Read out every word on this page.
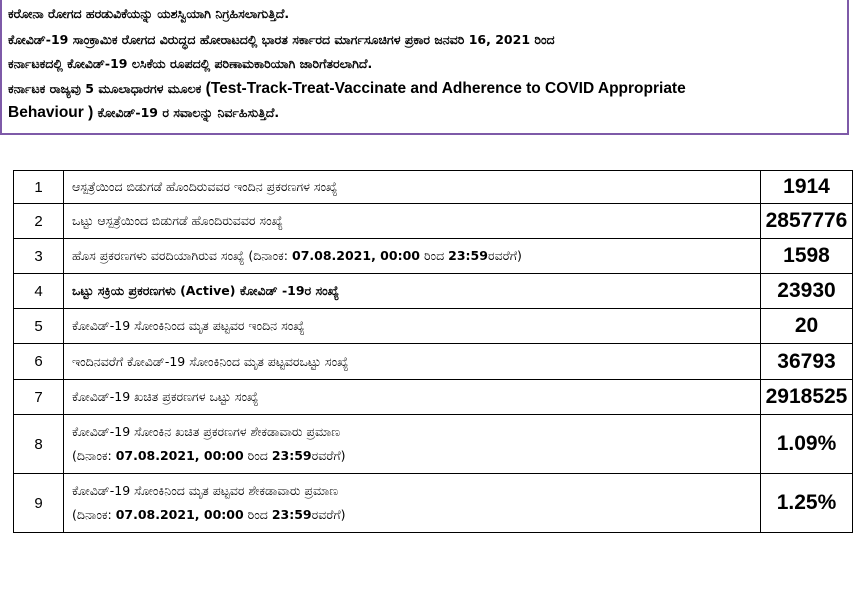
ಕರೋನಾ ರೋಗದ ಹರಡುವಿಕೆಯನ್ನು ಯಶಸ್ವಿಯಾಗಿ ನಿಗ್ರಹಿಸಲಾಗುತ್ತಿದೆ.
ಕೋವಿಡ್-19 ಸಾಂಕ್ರಾಮಿಕ ರೋಗದ ವಿರುದ್ಧದ ಹೋರಾಟದಲ್ಲಿ ಭಾರತ ಸರ್ಕಾರದ ಮಾರ್ಗಸೂಚಿಗಳ ಪ್ರಕಾರ ಜನವರಿ 16, 2021 ರಿಂದ
ಕರ್ನಾಟಕದಲ್ಲಿ ಕೋವಿಡ್-19 ಲಸಿಕೆಯ ರೂಪದಲ್ಲಿ ಪರಿಣಾಮಕಾರಿಯಾಗಿ ಜಾರಿಗೆತರಲಾಗಿದೆ.
ಕರ್ನಾಟಕ ರಾಜ್ಯವು 5 ಮೂಲಾಧಾರಗಳ ಮೂಲಕ (Test-Track-Treat-Vaccinate and Adherence to COVID Appropriate
Behaviour ) ಕೋವಿಡ್-19 ರ ಸವಾಲನ್ನು ನಿರ್ವಹಿಸುತ್ತಿದೆ.
1	ಆಸ್ಪತ್ರೆಯಿಂದ ಬಿಡುಗಡೆ ಹೊಂದಿರುವವರ ಇಂದಿನ ಪ್ರಕರಣಗಳ ಸಂಖ್ಯೆ	1914
2	ಒಟ್ಟು ಆಸ್ಪತ್ರೆಯಿಂದ ಬಿಡುಗಡೆ ಹೊಂದಿರುವವರ ಸಂಖ್ಯೆ	2857776
3	ಹೊಸ ಪ್ರಕರಣಗಳು ವರದಿಯಾಗಿರುವ ಸಂಖ್ಯೆ (ದಿನಾಂಕ: 07.08.2021, 00:00 ರಿಂದ 23:59ರವರೆಗೆ)	1598
4	ಒಟ್ಟು ಸಕ್ರಿಯ ಪ್ರಕರಣಗಳು (Active) ಕೋವಿಡ್ -19ರ ಸಂಖ್ಯೆ	23930
5	ಕೋವಿಡ್-19 ಸೋಂಕಿನಿಂದ ಮೃತ ಪಟ್ಟವರ ಇಂದಿನ ಸಂಖ್ಯೆ	20
6	ಇಂದಿನವರೆಗೆ ಕೋವಿಡ್-19 ಸೋಂಕಿನಿಂದ ಮೃತ ಪಟ್ಟವರಒಟ್ಟು ಸಂಖ್ಯೆ	36793
7	ಕೋವಿಡ್-19 ಖಚಿತ ಪ್ರಕರಣಗಳ ಒಟ್ಟು ಸಂಖ್ಯೆ	2918525
8	ಕೋವಿಡ್-19 ಸೋಂಕಿನ ಖಚಿತ ಪ್ರಕರಣಗಳ ಶೇಕಡಾವಾರು ಪ್ರಮಾಣ
(ದಿನಾಂಕ: 07.08.2021, 00:00 ರಿಂದ 23:59ರವರೆಗೆ)	1.09%
9	ಕೋವಿಡ್-19 ಸೋಂಕಿನಿಂದ ಮೃತ ಪಟ್ಟವರ ಶೇಕಡಾವಾರು ಪ್ರಮಾಣ
(ದಿನಾಂಕ: 07.08.2021, 00:00 ರಿಂದ 23:59ರವರೆಗೆ)	1.25%
